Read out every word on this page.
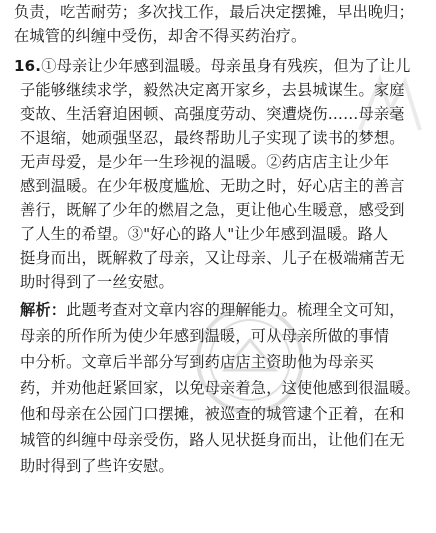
负责，吃苦耐劳；多次找工作，最后决定摆摊，早出晚归；
在城管的纠缠中受伤，却舍不得买药治疗。
16.①母亲让少年感到温暖。母亲虽身有残疾，但为了让儿
子能够继续求学，毅然决定离开家乡，去县城谋生。家庭
变故、生活窘迫困顿、高强度劳动、突遭烧伤……母亲毫
不退缩，她顽强坚忍，最终帮助儿子实现了读书的梦想。
无声母爱，是少年一生珍视的温暖。②药店店主让少年
感到温暖。在少年极度尴尬、无助之时，好心店主的善言
善行，既解了少年的燃眉之急，更让他心生暖意，感受到
了人生的希望。③"好心的路人"让少年感到温暖。路人
挺身而出，既解救了母亲，又让母亲、儿子在极端痛苦无
助时得到了一丝安慰。
解析：此题考查对文章内容的理解能力。梳理全文可知，
母亲的所作所为使少年感到温暖，可从母亲所做的事情
中分析。文章后半部分写到药店店主资助他为母亲买
药，并劝他赶紧回家，以免母亲着急，这使他感到很温暖。
他和母亲在公园门口摆摊，被巡查的城管逮个正着，在和
城管的纠缠中母亲受伤，路人见状挺身而出，让他们在无
助时得到了些许安慰。
